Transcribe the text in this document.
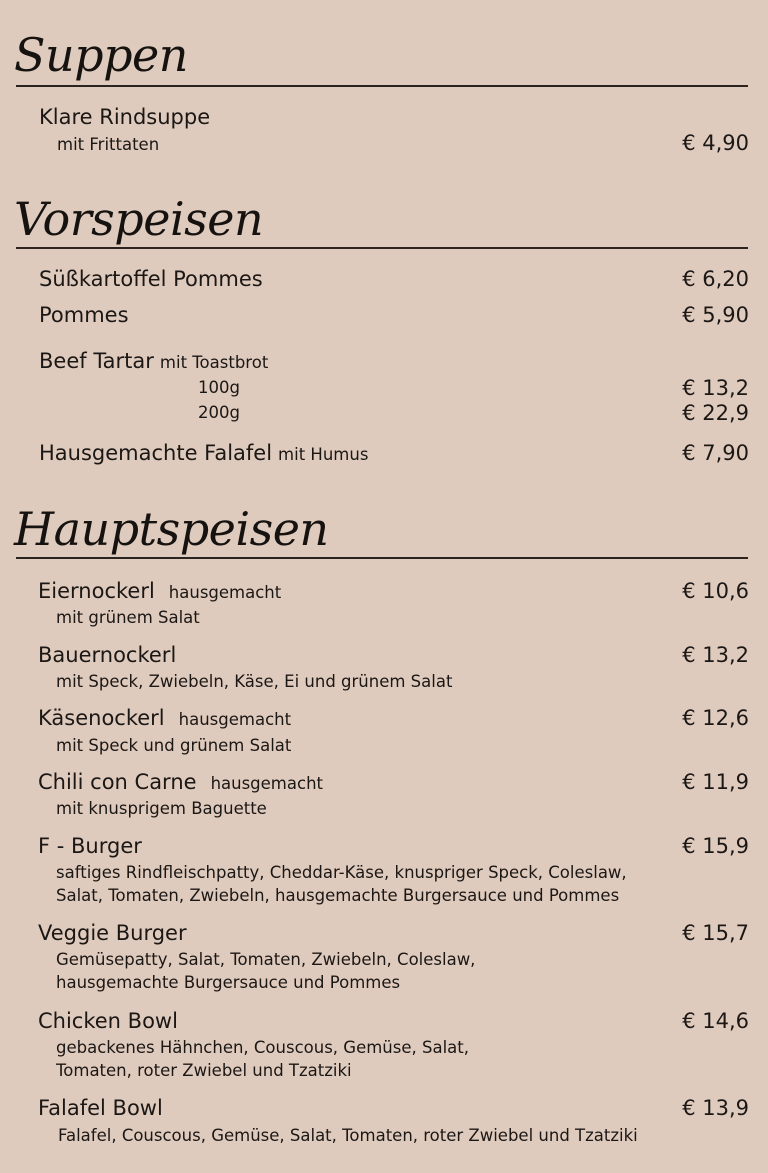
Suppen
Klare Rindsuppe
mit Frittaten	€ 4,90
Vorspeisen
Süßkartoffel Pommes	€ 6,20
Pommes	€ 5,90
Beef Tartar mit Toastbrot
100g	€ 13,2
200g	€ 22,9
Hausgemachte Falafel mit Humus	€ 7,90
Hauptspeisen
Eiernockerl hausgemacht	€ 10,6
mit grünem Salat
Bauernockerl	€ 13,2
mit Speck, Zwiebeln, Käse, Ei und grünem Salat
Käsenockerl hausgemacht	€ 12,6
mit Speck und grünem Salat
Chili con Carne hausgemacht	€ 11,9
mit knusprigem Baguette
F - Burger	€ 15,9
saftiges Rindfleischpatty, Cheddar-Käse, knuspriger Speck, Coleslaw,
Salat, Tomaten, Zwiebeln, hausgemachte Burgersauce und Pommes
Veggie Burger	€ 15,7
Gemüsepatty, Salat, Tomaten, Zwiebeln, Coleslaw,
hausgemachte Burgersauce und Pommes
Chicken Bowl	€ 14,6
gebackenes Hähnchen, Couscous, Gemüse, Salat,
Tomaten, roter Zwiebel und Tzatziki
Falafel Bowl	€ 13,9
Falafel, Couscous, Gemüse, Salat, Tomaten, roter Zwiebel und Tzatziki
